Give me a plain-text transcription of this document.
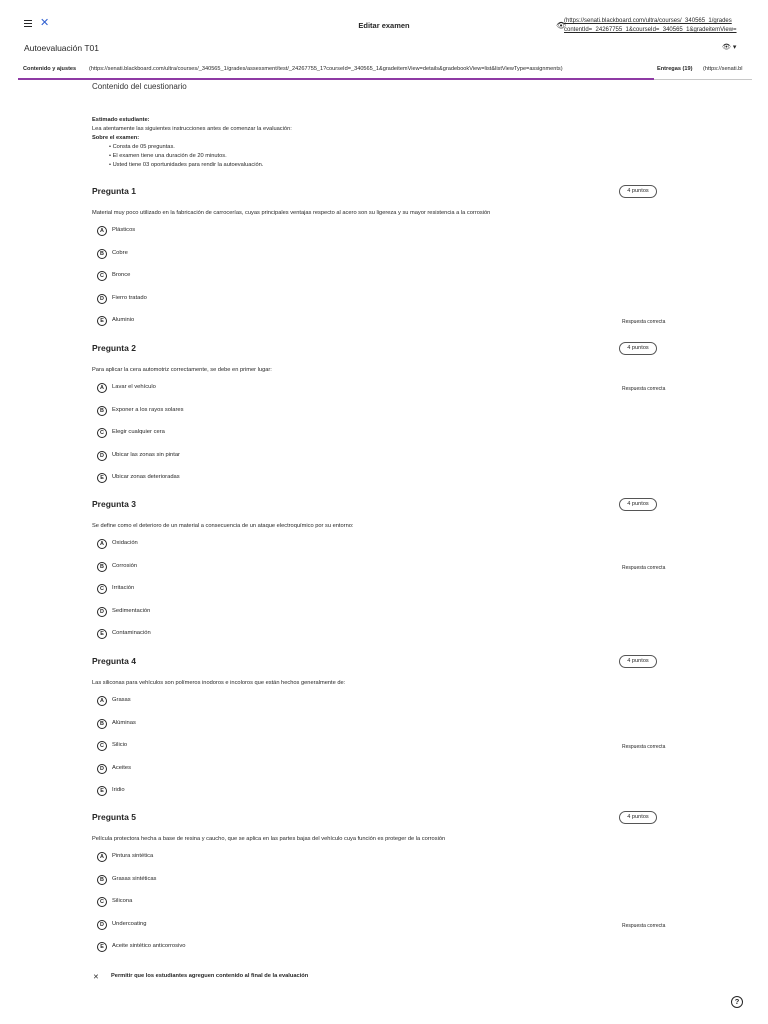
✕	Editar examen	👁
(https://senati.blackboard.com/ultra/courses/_340565_1/grades
contentId=_24267755_1&courseId=_340565_1&gradeitemView=
Autoevaluación T01	👁 ▾
Contenido y ajustes (https://senati.blackboard.com/ultra/courses/_340565_1/grades/assessment/test/_24267755_1?courseId=_340565_1&gradeitemView=details&gradebookView=list&listViewType=assignments)	Entregas (19) (https://senati.bl
Contenido del cuestionario
Estimado estudiante:
Lea atentamente las siguientes instrucciones antes de comenzar la evaluación:
Sobre el examen:
• Consta de 05 preguntas.
• El examen tiene una duración de 20 minutos.
• Usted tiene 03 oportunidades para rendir la autoevaluación.
Pregunta 1	4 puntos
Material muy poco utilizado en la fabricación de carrocerías, cuyas principales ventajas respecto al acero son su ligereza y su mayor resistencia a la corrosión
A	Plásticos
B	Cobre
C	Bronce
D	Fierro tratado
E	Aluminio	Respuesta correcta
Pregunta 2	4 puntos
Para aplicar la cera automotriz correctamente, se debe en primer lugar:
A	Lavar el vehículo	Respuesta correcta
B	Exponer a los rayos solares
C	Elegir cualquier cera
D	Ubicar las zonas sin pintar
E	Ubicar zonas deterioradas
Pregunta 3	4 puntos
Se define como el deterioro de un material a consecuencia de un ataque electroquímico por su entorno:
A	Oxidación
B	Corrosión	Respuesta correcta
C	Irritación
D	Sedimentación
E	Contaminación
Pregunta 4	4 puntos
Las siliconas para vehículos son polímeros inodoros e incoloros que están hechos generalmente de:
A	Grasas
B	Alúminas
C	Silicio	Respuesta correcta
D	Aceites
E	Iridio
Pregunta 5	4 puntos
Película protectora hecha a base de resina y caucho, que se aplica en las partes bajas del vehículo cuya función es proteger de la corrosión
A	Pintura sintética
B	Grasas sintéticas
C	Silicona
D	Undercoating	Respuesta correcta
E	Aceite sintético anticorrosivo
✕ Permitir que los estudiantes agreguen contenido al final de la evaluación
?
